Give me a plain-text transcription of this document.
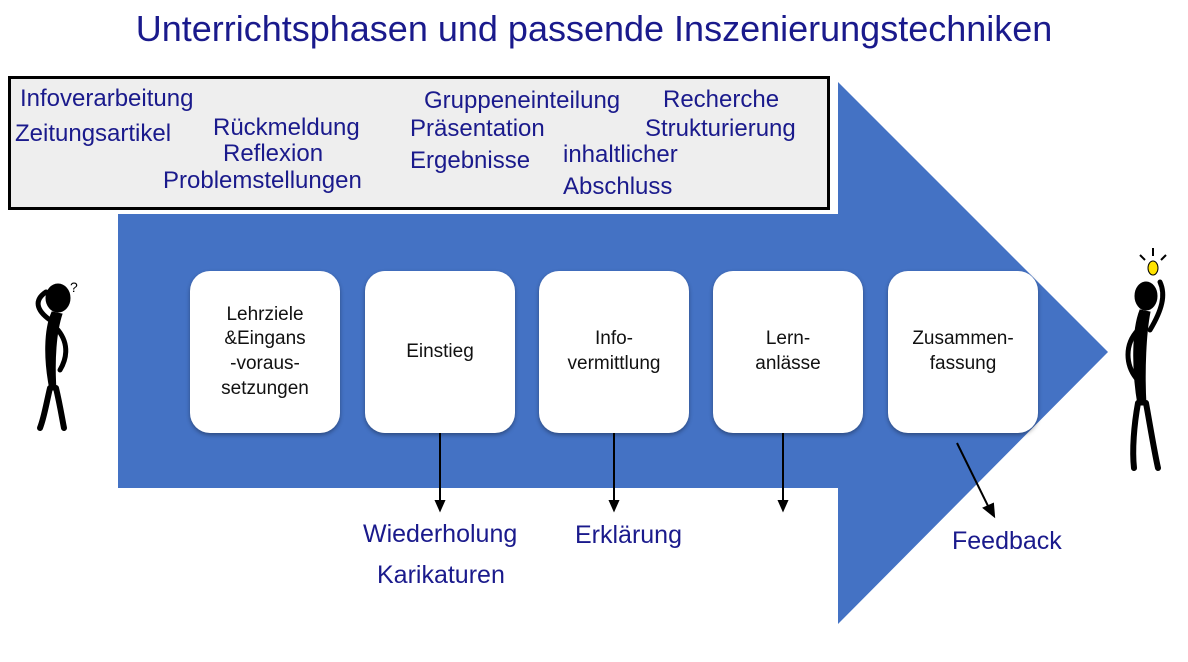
?
Unterrichtsphasen und passende Inszenierungstechniken
Infoverarbeitung
Zeitungsartikel Rückmeldung
Reflexion
Problemstellungen
Gruppeneinteilung
Präsentation
Ergebnisse inhaltlicher
Abschluss
Recherche
Strukturierung
Lehrziele
&Eingans
-voraus-
setzungen
Einstieg
Info-
vermittlung
Lern-
anlässe
Zusammen-
fassung
Wiederholung
Karikaturen
Erklärung	Feedback
